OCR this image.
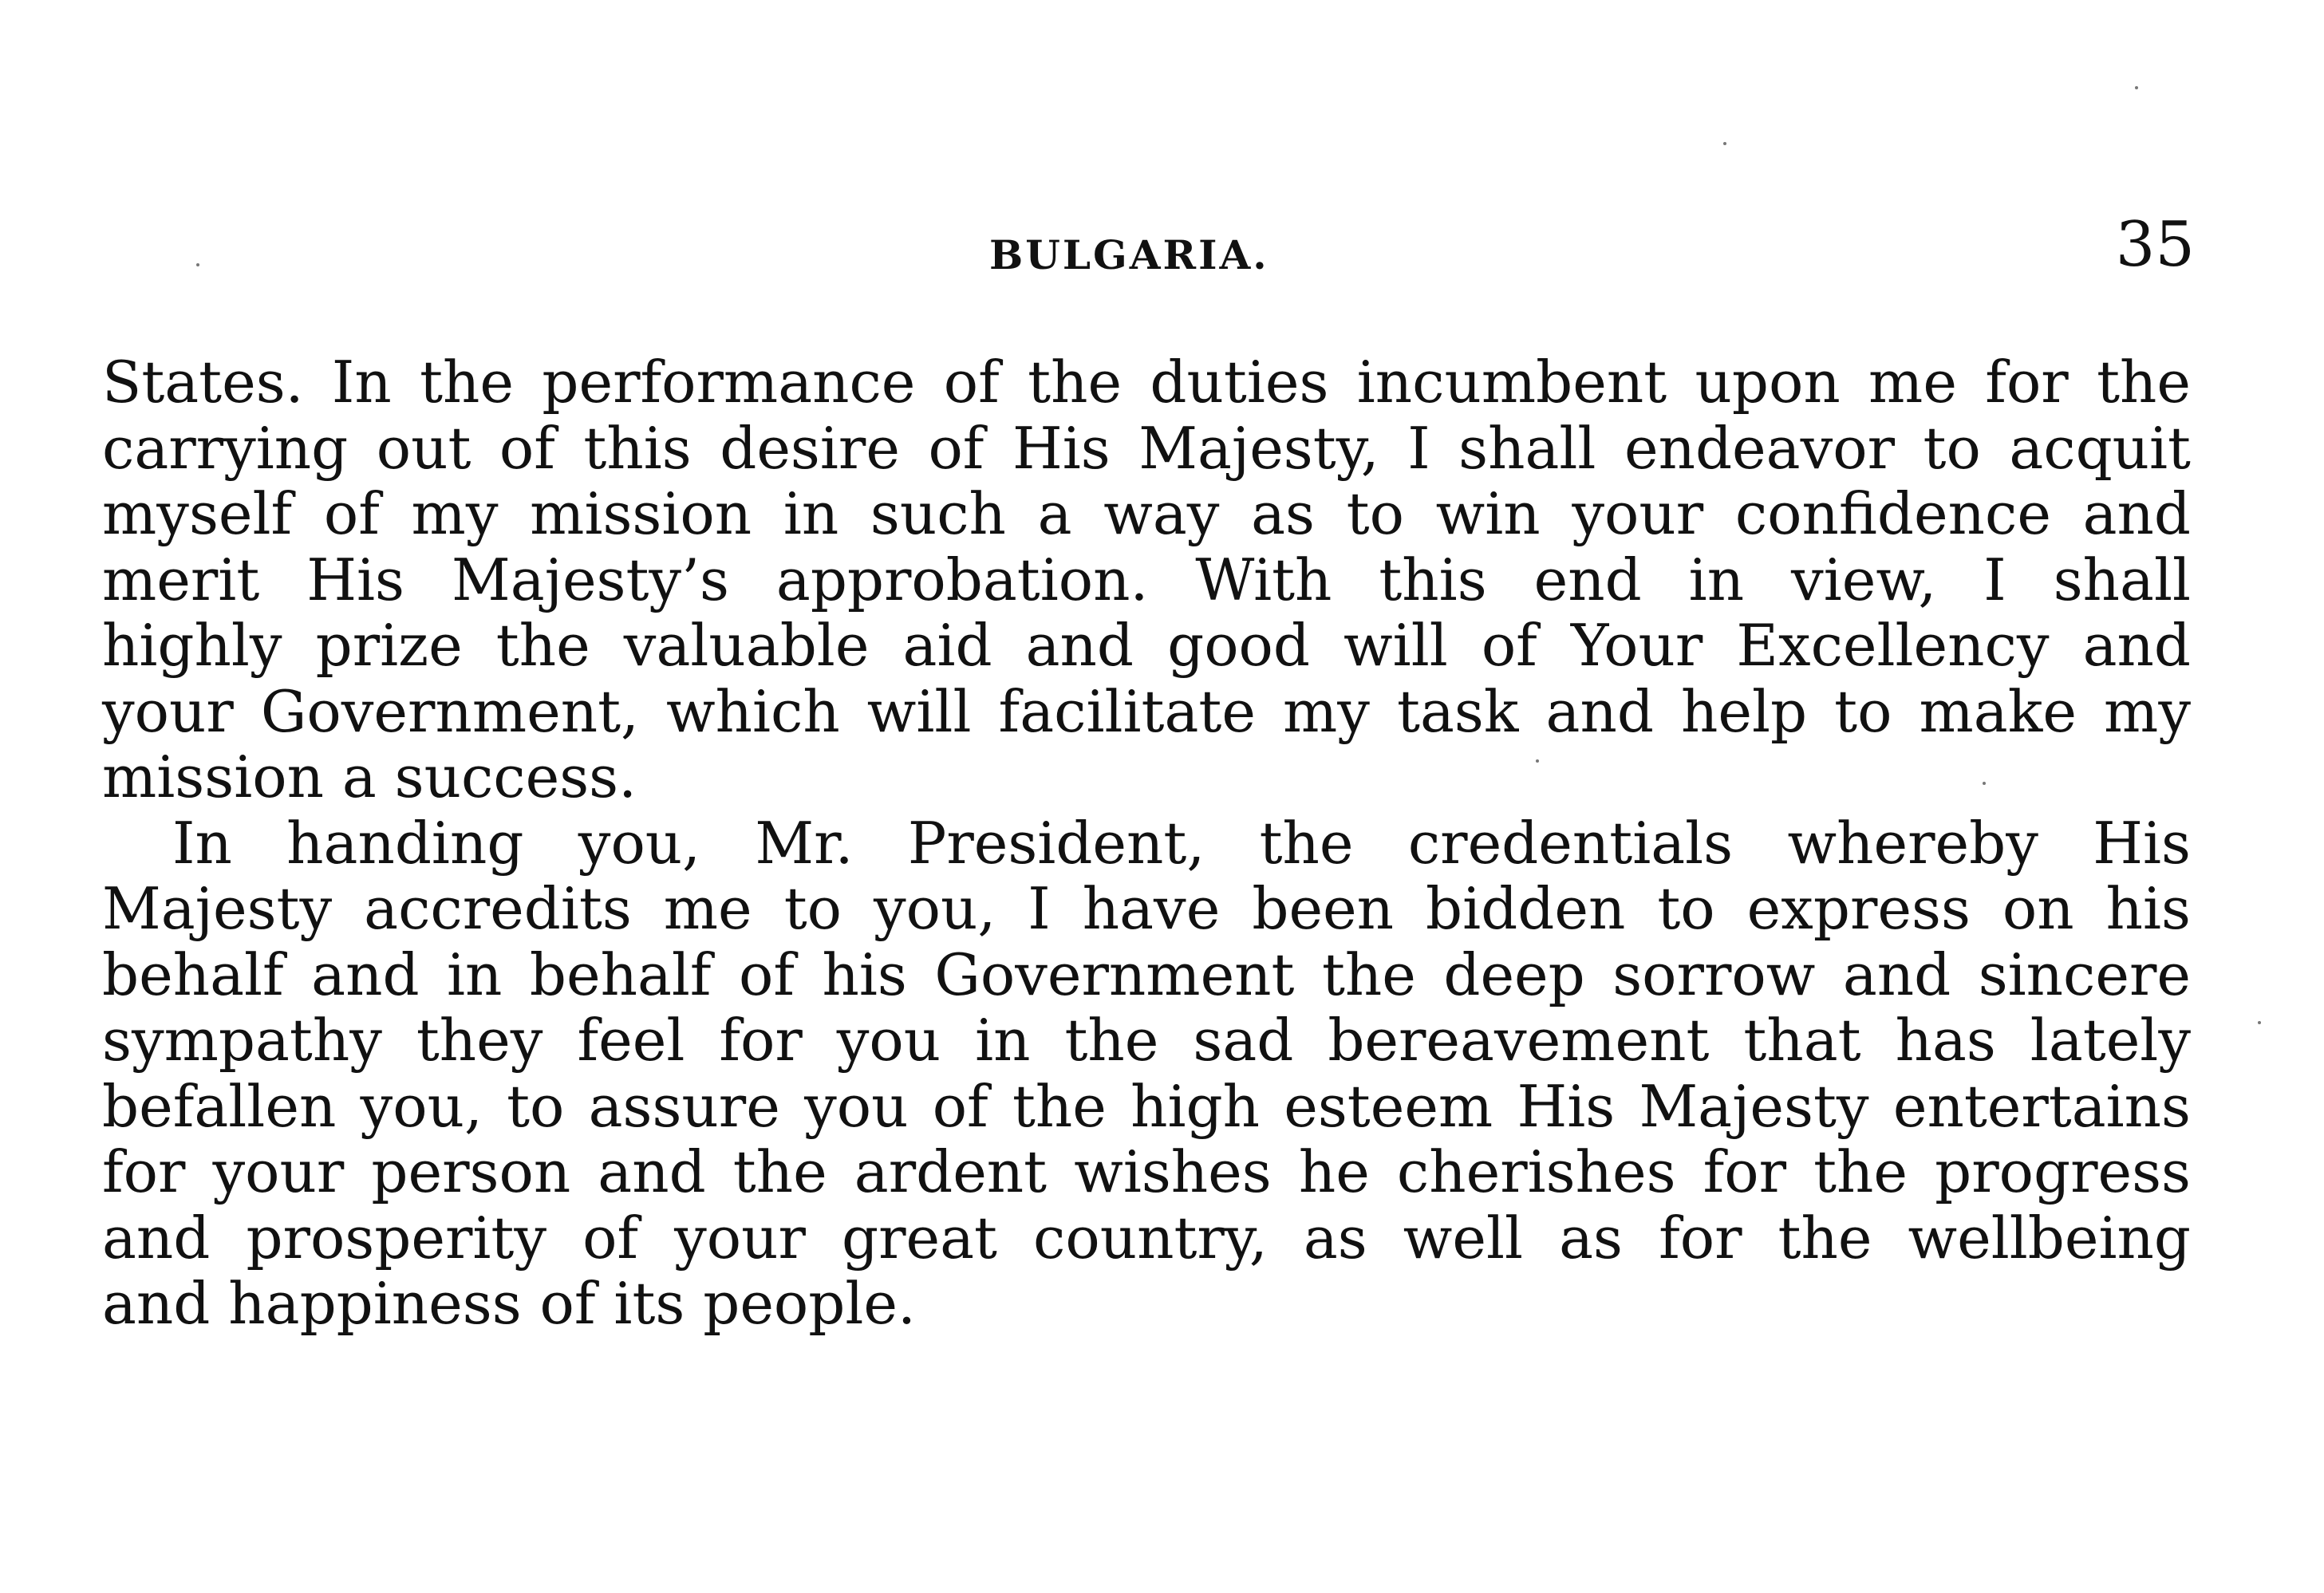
BULGARIA.	35
States. In the performance of the duties incumbent upon me for the
carrying out of this desire of His Majesty, I shall endeavor to acquit
myself of my mission in such a way as to win your confidence and
merit His Majesty’s approbation. With this end in view, I shall
highly prize the valuable aid and good will of Your Excellency and
your Government, which will facilitate my task and help to make my
mission a success.
In handing you, Mr. President, the credentials whereby His
Majesty accredits me to you, I have been bidden to express on his
behalf and in behalf of his Government the deep sorrow and sincere
sympathy they feel for you in the sad bereavement that has lately
befallen you, to assure you of the high esteem His Majesty entertains
for your person and the ardent wishes he cherishes for the progress
and prosperity of your great country, as well as for the wellbeing
and happiness of its people.
